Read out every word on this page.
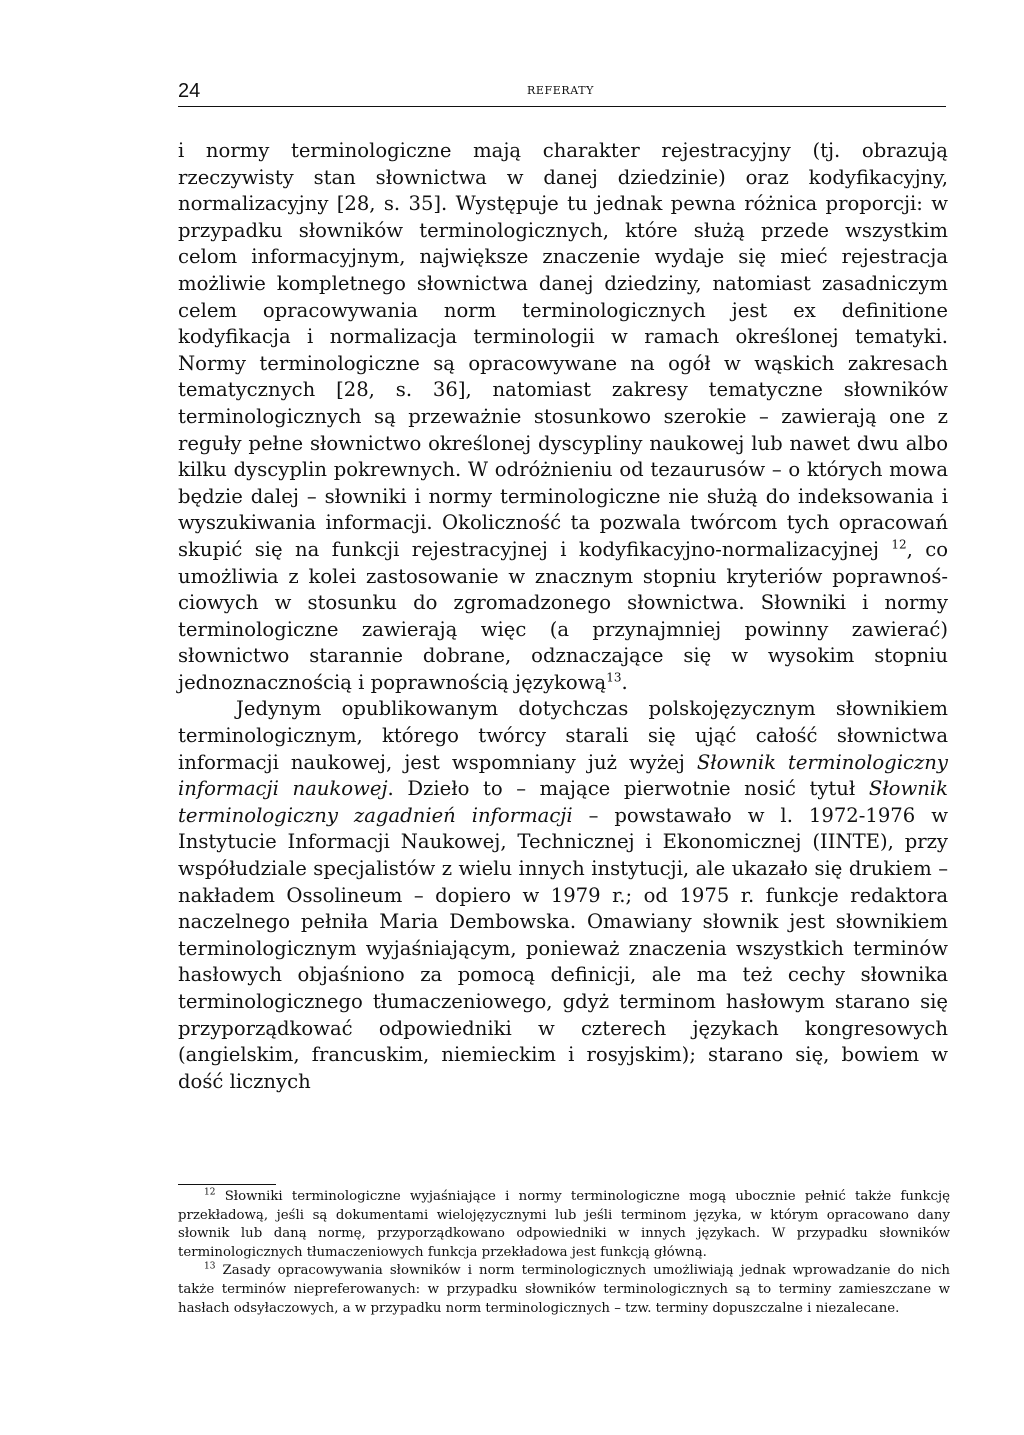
24	REFERATY

i normy terminologiczne mają charakter rejestracyjny (tj. obrazują rzeczywisty stan słownictwa w danej dziedzinie) oraz kodyfikacyjny, normalizacyjny [28, s. 35]. Występuje tu jednak pewna różnica proporcji: w przypadku słowników terminologicznych, które służą przede wszystkim celom informacyjnym, największe znaczenie wydaje się mieć rejestracja możliwie kompletnego słownictwa danej dziedziny, natomiast zasadniczym celem opracowywania norm terminologicznych jest ex definitione kodyfikacja i normalizacja terminologii w ramach określonej tematyki. Normy terminologiczne są opracowywane na ogół w wąskich zakresach tematycznych [28, s. 36], natomiast zakresy tematyczne słowników terminologicznych są przeważnie stosunkowo szerokie – zawierają one z reguły pełne słownictwo określonej dyscypliny naukowej lub nawet dwu albo kilku dyscyplin pokrewnych. W odróżnieniu od tezaurusów – o których mowa będzie dalej – słowniki i normy terminologiczne nie służą do indeksowania i wyszukiwania informacji. Okoliczność ta pozwala twórcom tych opracowań skupić się na funkcji rejestracyjnej i kodyfikacyjno-normalizacyjnej $^{12}$, co umożliwia z kolei zastosowanie w znacznym stopniu kryteriów poprawnościowych w stosunku do zgromadzonego słownictwa. Słowniki i normy terminologiczne zawierają więc (a przynajmniej powinny zawierać) słownictwo starannie dobrane, odznaczające się w wysokim stopniu jednoznacznością i poprawnością językową$^{13}$.

Jedynym opublikowanym dotychczas polskojęzycznym słownikiem terminologicznym, którego twórcy starali się ująć całość słownictwa informacji naukowej, jest wspomniany już wyżej Słownik terminologiczny informacji naukowej. Dzieło to – mające pierwotnie nosić tytuł Słownik terminologiczny zagadnień informacji – powstawało w l. 1972-1976 w Instytucie Informacji Naukowej, Technicznej i Ekonomicznej (IINTE), przy współudziale specjalistów z wielu innych instytucji, ale ukazało się drukiem – nakładem Ossolineum – dopiero w 1979 r.; od 1975 r. funkcje redaktora naczelnego pełniła Maria Dembowska. Omawiany słownik jest słownikiem terminologicznym wyjaśniającym, ponieważ znaczenia wszystkich terminów hasłowych objaśniono za pomocą definicji, ale ma też cechy słownika terminologicznego tłumaczeniowego, gdyż terminom hasłowym starano się przyporządkować odpowiedniki w czterech językach kongresowych (angielskim, francuskim, niemieckim i rosyjskim); starano się, bowiem w dość licznych

$^{12}$ Słowniki terminologiczne wyjaśniające i normy terminologiczne mogą ubocznie pełnić także funkcję przekładową, jeśli są dokumentami wielojęzycznymi lub jeśli terminom języka, w którym opracowano dany słownik lub daną normę, przyporządkowano odpowiedniki w innych językach. W przypadku słowników terminologicznych tłumaczeniowych funkcja przekładowa jest funkcją główną.

$^{13}$ Zasady opracowywania słowników i norm terminologicznych umożliwiają jednak wprowadzanie do nich także terminów niepreferowanych: w przypadku słowników terminologicznych są to terminy zamieszczane w hasłach odsyłaczowych, a w przypadku norm terminologicznych – tzw. terminy dopuszczalne i niezalecane.
